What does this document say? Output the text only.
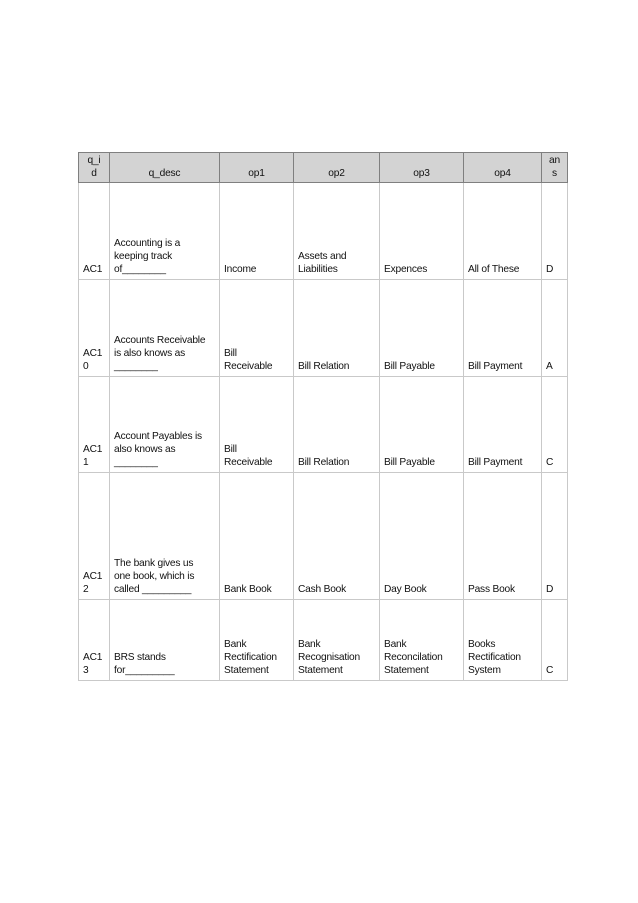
q_i
d	q_desc	op1	op2	op3	op4	an
s
AC1	Accounting is a
keeping track
of________	Income	Assets and
Liabilities	Expences	All of These	D
AC1
0	Accounts Receivable
is also knows as
________	Bill
Receivable	Bill Relation	Bill Payable	Bill Payment	A
AC1
1	Account Payables is
also knows as
________	Bill
Receivable	Bill Relation	Bill Payable	Bill Payment	C
AC1
2	The bank gives us
one book, which is
called _________	Bank Book	Cash Book	Day Book	Pass Book	D
AC1
3	BRS stands
for_________	Bank
Rectification
Statement	Bank
Recognisation
Statement	Bank
Reconcilation
Statement	Books
Rectification
System	C
